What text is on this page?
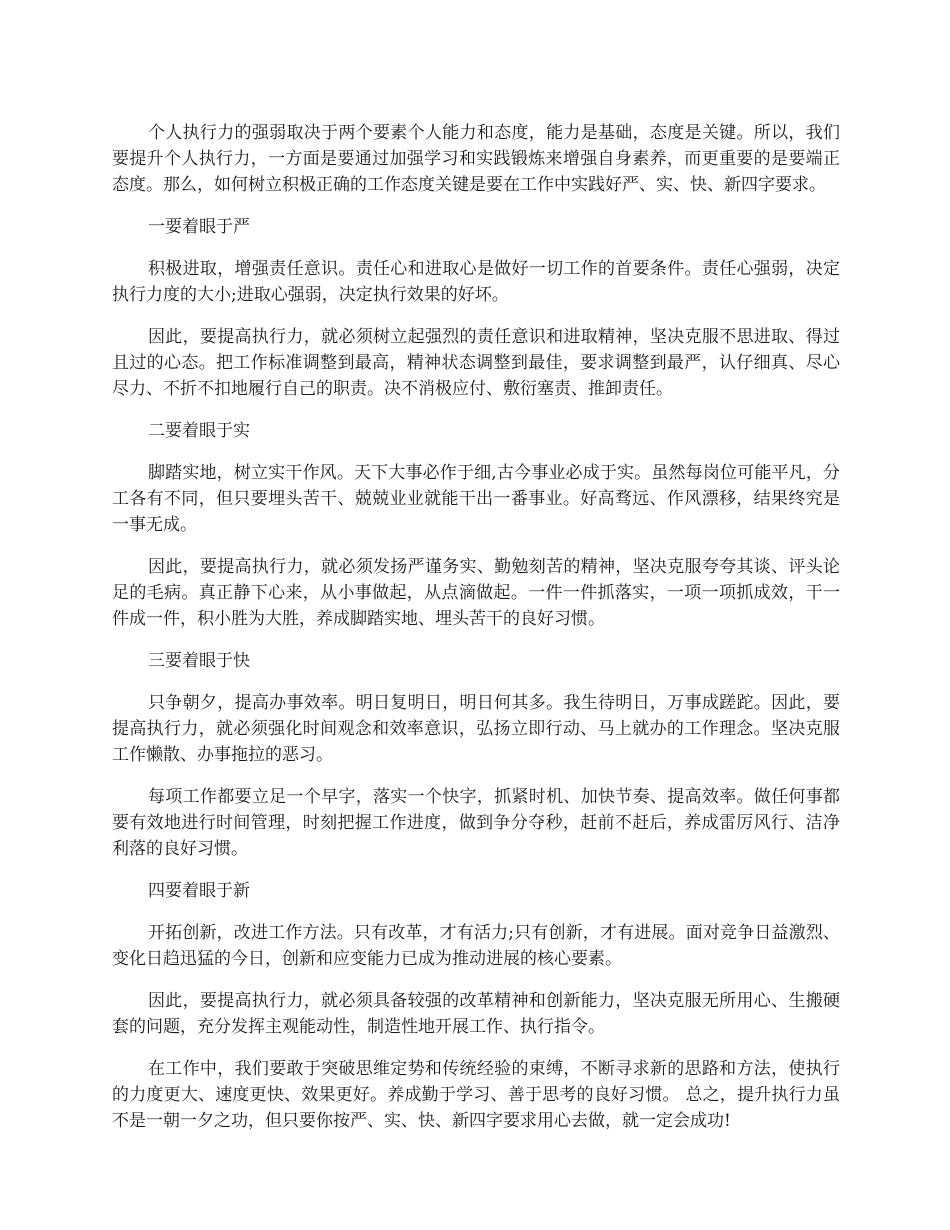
个人执行力的强弱取决于两个要素个人能力和态度，能力是基础，态度是关键。所以，我们要提升个人执行力，一方面是要通过加强学习和实践锻炼来增强自身素养，而更重要的是要端正态度。那么，如何树立积极正确的工作态度关键是要在工作中实践好严、实、快、新四字要求。

一要着眼于严

积极进取，增强责任意识。责任心和进取心是做好一切工作的首要条件。责任心强弱，决定执行力度的大小;进取心强弱，决定执行效果的好坏。

因此，要提高执行力，就必须树立起强烈的责任意识和进取精神，坚决克服不思进取、得过且过的心态。把工作标准调整到最高，精神状态调整到最佳，要求调整到最严，认仔细真、尽心尽力、不折不扣地履行自己的职责。决不消极应付、敷衍塞责、推卸责任。

二要着眼于实

脚踏实地，树立实干作风。天下大事必作于细,古今事业必成于实。虽然每岗位可能平凡，分工各有不同，但只要埋头苦干、兢兢业业就能干出一番事业。好高骛远、作风漂移，结果终究是一事无成。

因此，要提高执行力，就必须发扬严谨务实、勤勉刻苦的精神，坚决克服夸夸其谈、评头论足的毛病。真正静下心来，从小事做起，从点滴做起。一件一件抓落实，一项一项抓成效，干一件成一件，积小胜为大胜，养成脚踏实地、埋头苦干的良好习惯。

三要着眼于快

只争朝夕，提高办事效率。明日复明日，明日何其多。我生待明日，万事成蹉跎。因此，要提高执行力，就必须强化时间观念和效率意识，弘扬立即行动、马上就办的工作理念。坚决克服工作懒散、办事拖拉的恶习。

每项工作都要立足一个早字，落实一个快字，抓紧时机、加快节奏、提高效率。做任何事都要有效地进行时间管理，时刻把握工作进度，做到争分夺秒，赶前不赶后，养成雷厉风行、洁净利落的良好习惯。

四要着眼于新

开拓创新，改进工作方法。只有改革，才有活力;只有创新，才有进展。面对竞争日益激烈、变化日趋迅猛的今日，创新和应变能力已成为推动进展的核心要素。

因此，要提高执行力，就必须具备较强的改革精神和创新能力，坚决克服无所用心、生搬硬套的问题，充分发挥主观能动性，制造性地开展工作、执行指令。

在工作中，我们要敢于突破思维定势和传统经验的束缚，不断寻求新的思路和方法，使执行的力度更大、速度更快、效果更好。养成勤于学习、善于思考的良好习惯。 总之，提升执行力虽不是一朝一夕之功，但只要你按严、实、快、新四字要求用心去做，就一定会成功!
